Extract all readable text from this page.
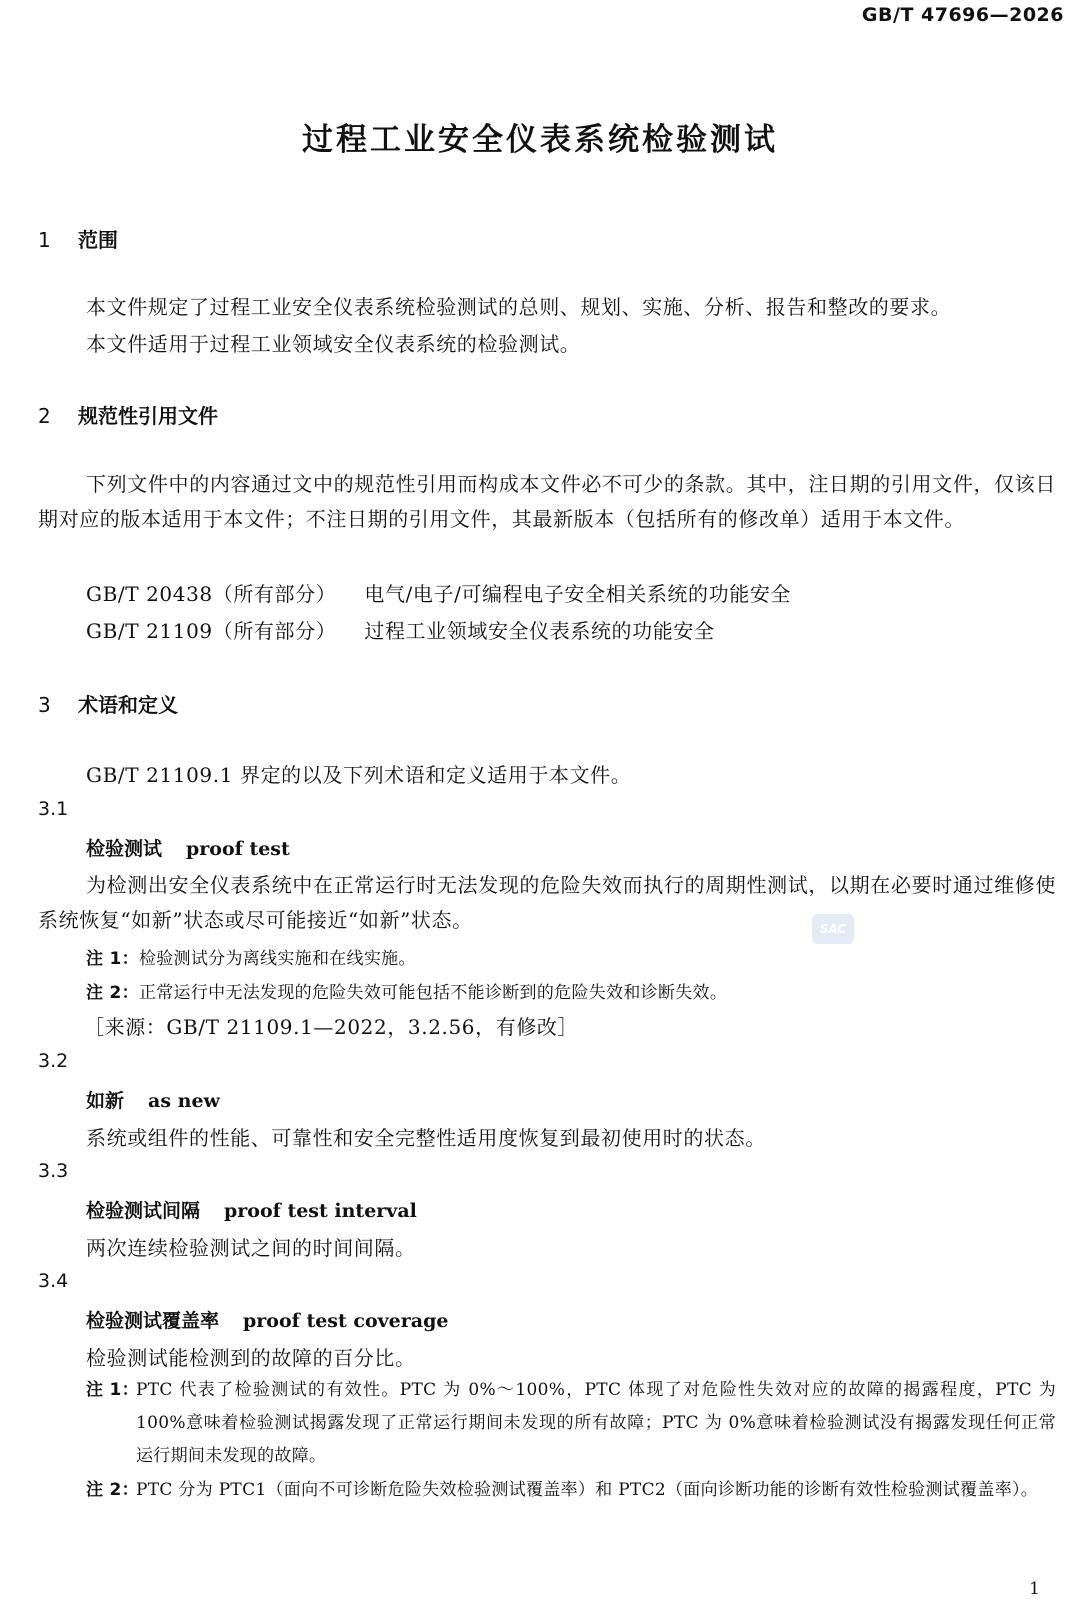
GB/T 47696—2026
过程工业安全仪表系统检验测试
1 范围
本文件规定了过程工业安全仪表系统检验测试的总则、规划、实施、分析、报告和整改的要求。
本文件适用于过程工业领域安全仪表系统的检验测试。
2 规范性引用文件
下列文件中的内容通过文中的规范性引用而构成本文件必不可少的条款。其中，注日期的引用文件，仅该日期对应的版本适用于本文件；不注日期的引用文件，其最新版本（包括所有的修改单）适用于本文件。
GB/T 20438（所有部分） 电气/电子/可编程电子安全相关系统的功能安全
GB/T 21109（所有部分） 过程工业领域安全仪表系统的功能安全
3 术语和定义
GB/T 21109.1 界定的以及下列术语和定义适用于本文件。
3.1
检验测试 proof test
为检测出安全仪表系统中在正常运行时无法发现的危险失效而执行的周期性测试，以期在必要时通过维修使系统恢复“如新”状态或尽可能接近“如新”状态。
注 1：检验测试分为离线实施和在线实施。
注 2：正常运行中无法发现的危险失效可能包括不能诊断到的危险失效和诊断失效。
［来源：GB/T 21109.1—2022，3.2.56，有修改］
3.2
如新 as new
系统或组件的性能、可靠性和安全完整性适用度恢复到最初使用时的状态。
3.3
检验测试间隔 proof test interval
两次连续检验测试之间的时间间隔。
3.4
检验测试覆盖率 proof test coverage
检验测试能检测到的故障的百分比。
注 1：
PTC 代表了检验测试的有效性。PTC 为 0%～100%，PTC 体现了对危险性失效对应的故障的揭露程度，PTC 为 100%意味着检验测试揭露发现了正常运行期间未发现的所有故障；PTC 为 0%意味着检验测试没有揭露发现任何正常运行期间未发现的故障。
注 2：
PTC 分为 PTC1（面向不可诊断危险失效检验测试覆盖率）和 PTC2（面向诊断功能的诊断有效性检验测试覆盖率）。
SAC
1
